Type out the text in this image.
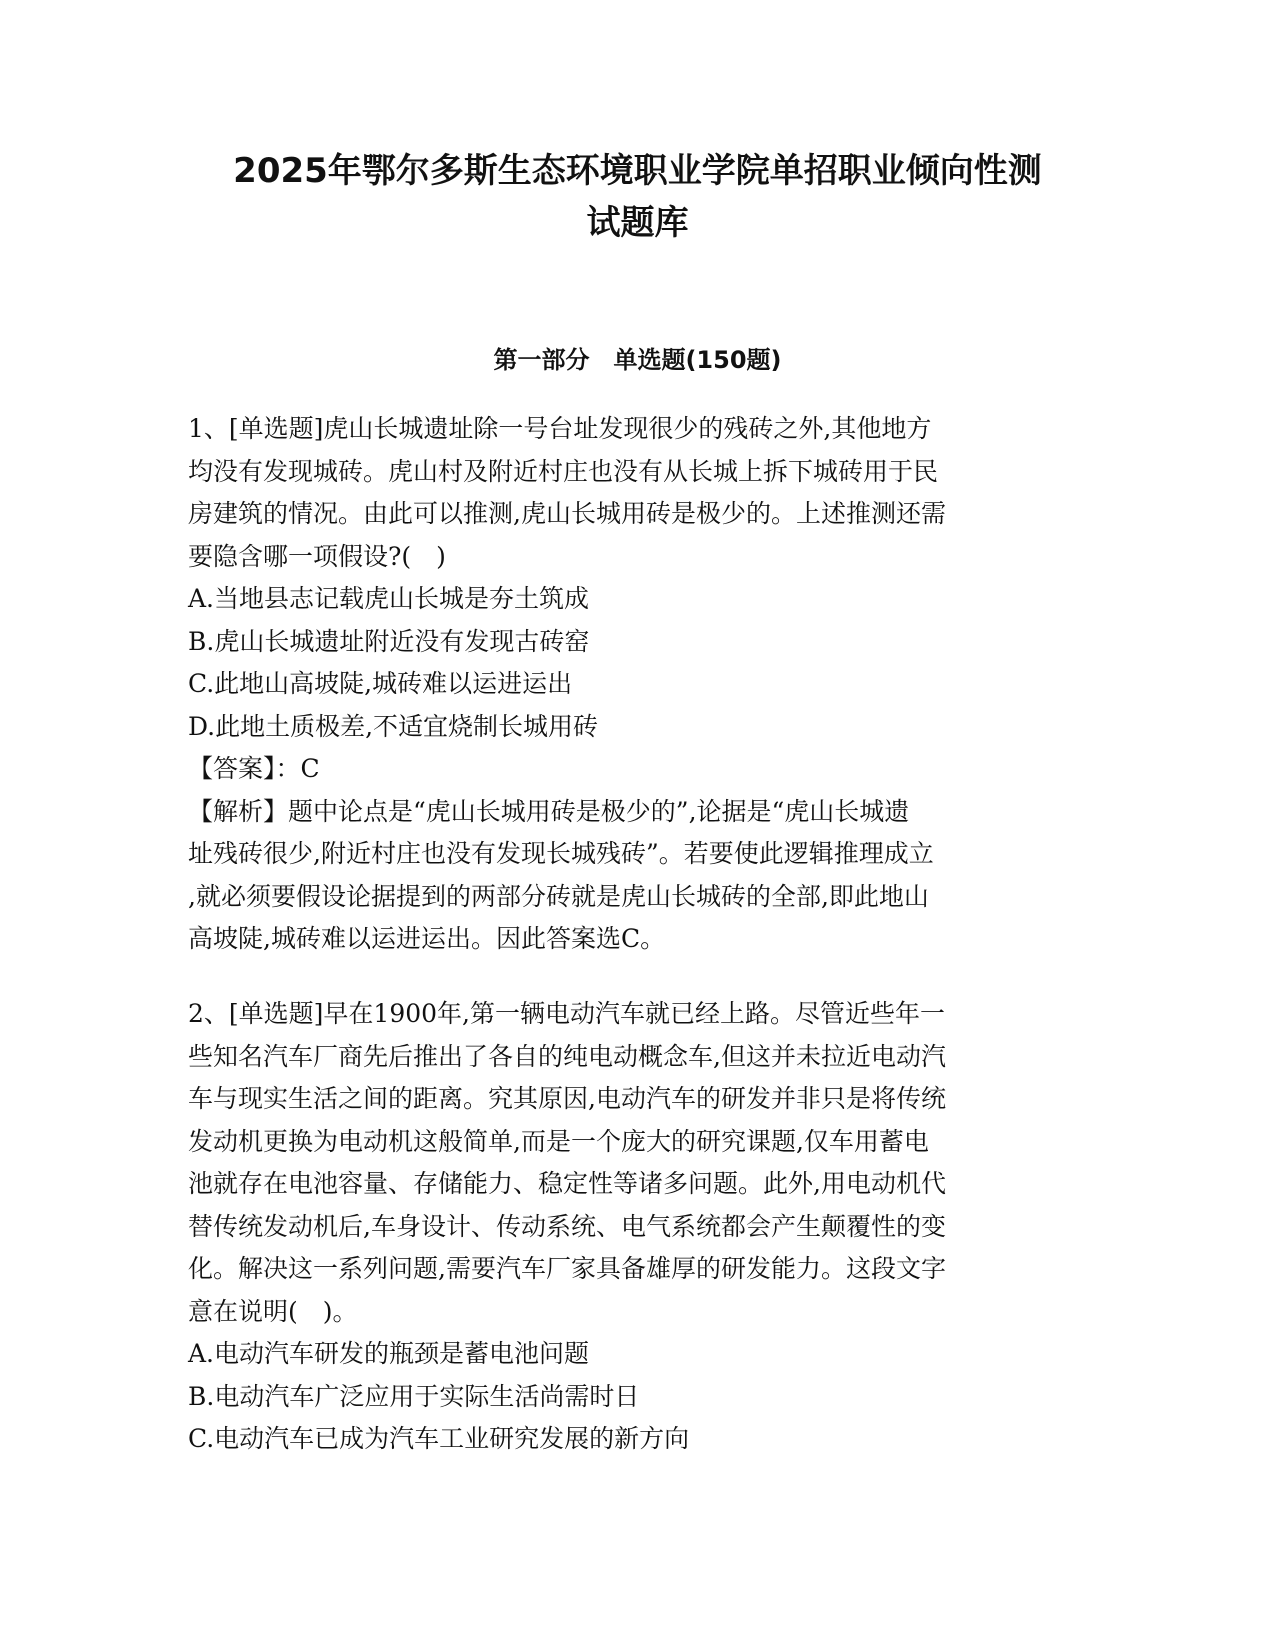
2025年鄂尔多斯生态环境职业学院单招职业倾向性测
试题库
第一部分　单选题(150题)
1、[单选题]虎山长城遗址除一号台址发现很少的残砖之外,其他地方
均没有发现城砖。虎山村及附近村庄也没有从长城上拆下城砖用于民
房建筑的情况。由此可以推测,虎山长城用砖是极少的。上述推测还需
要隐含哪一项假设?(　)
A.当地县志记载虎山长城是夯土筑成
B.虎山长城遗址附近没有发现古砖窑
C.此地山高坡陡,城砖难以运进运出
D.此地土质极差,不适宜烧制长城用砖
【答案】：C
【解析】题中论点是“虎山长城用砖是极少的”,论据是“虎山长城遗
址残砖很少,附近村庄也没有发现长城残砖”。若要使此逻辑推理成立
,就必须要假设论据提到的两部分砖就是虎山长城砖的全部,即此地山
高坡陡,城砖难以运进运出。因此答案选C。
2、[单选题]早在1900年,第一辆电动汽车就已经上路。尽管近些年一
些知名汽车厂商先后推出了各自的纯电动概念车,但这并未拉近电动汽
车与现实生活之间的距离。究其原因,电动汽车的研发并非只是将传统
发动机更换为电动机这般简单,而是一个庞大的研究课题,仅车用蓄电
池就存在电池容量、存储能力、稳定性等诸多问题。此外,用电动机代
替传统发动机后,车身设计、传动系统、电气系统都会产生颠覆性的变
化。解决这一系列问题,需要汽车厂家具备雄厚的研发能力。这段文字
意在说明(　)。
A.电动汽车研发的瓶颈是蓄电池问题
B.电动汽车广泛应用于实际生活尚需时日
C.电动汽车已成为汽车工业研究发展的新方向
